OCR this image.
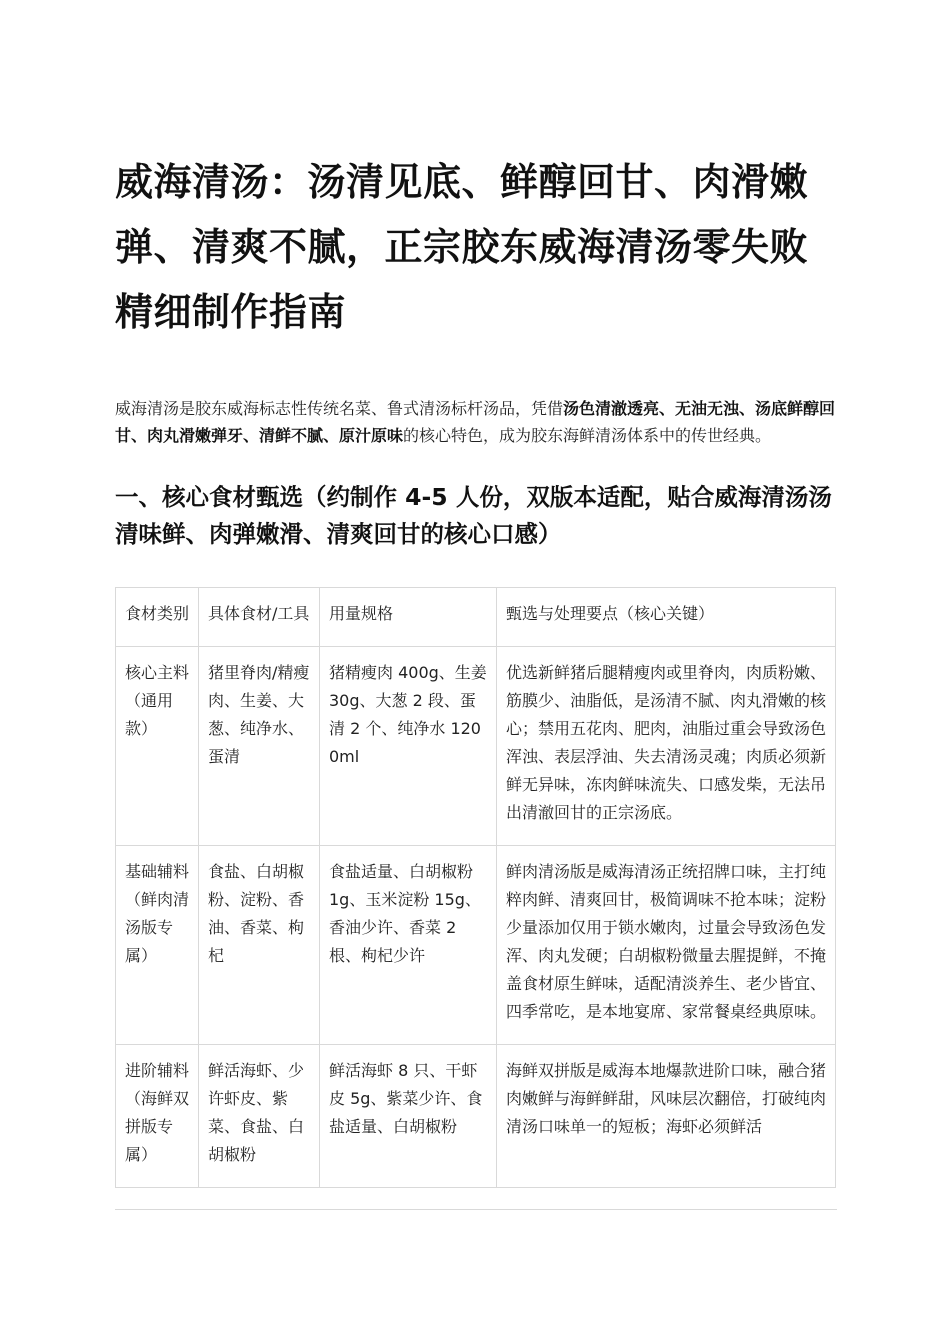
威海清汤：汤清见底、鲜醇回甘、肉滑嫩弹、清爽不腻，正宗胶东威海清汤零失败精细制作指南

威海清汤是胶东威海标志性传统名菜、鲁式清汤标杆汤品，凭借汤色清澈透亮、无油无浊、汤底鲜醇回甘、肉丸滑嫩弹牙、清鲜不腻、原汁原味的核心特色，成为胶东海鲜清汤体系中的传世经典。

一、核心食材甄选（约制作 4-5 人份，双版本适配，贴合威海清汤汤清味鲜、肉弹嫩滑、清爽回甘的核心口感）
食材类别	具体食材/工具	用量规格	甄选与处理要点（核心关键）
核心主料（通用款）	猪里脊肉/精瘦肉、生姜、大葱、纯净水、蛋清	猪精瘦肉 400g、生姜 30g、大葱 2 段、蛋清 2 个、纯净水 1200ml	优选新鲜猪后腿精瘦肉或里脊肉，肉质粉嫩、筋膜少、油脂低，是汤清不腻、肉丸滑嫩的核心；禁用五花肉、肥肉，油脂过重会导致汤色浑浊、表层浮油、失去清汤灵魂；肉质必须新鲜无异味，冻肉鲜味流失、口感发柴，无法吊出清澈回甘的正宗汤底。
基础辅料（鲜肉清汤版专属）	食盐、白胡椒粉、淀粉、香油、香菜、枸杞	食盐适量、白胡椒粉 1g、玉米淀粉 15g、香油少许、香菜 2 根、枸杞少许	鲜肉清汤版是威海清汤正统招牌口味，主打纯粹肉鲜、清爽回甘，极简调味不抢本味；淀粉少量添加仅用于锁水嫩肉，过量会导致汤色发浑、肉丸发硬；白胡椒粉微量去腥提鲜，不掩盖食材原生鲜味，适配清淡养生、老少皆宜、四季常吃，是本地宴席、家常餐桌经典原味。
进阶辅料（海鲜双拼版专属）	鲜活海虾、少许虾皮、紫菜、食盐、白胡椒粉	鲜活海虾 8 只、干虾皮 5g、紫菜少许、食盐适量、白胡椒粉	海鲜双拼版是威海本地爆款进阶口味，融合猪肉嫩鲜与海鲜鲜甜，风味层次翻倍，打破纯肉清汤口味单一的短板；海虾必须鲜活
